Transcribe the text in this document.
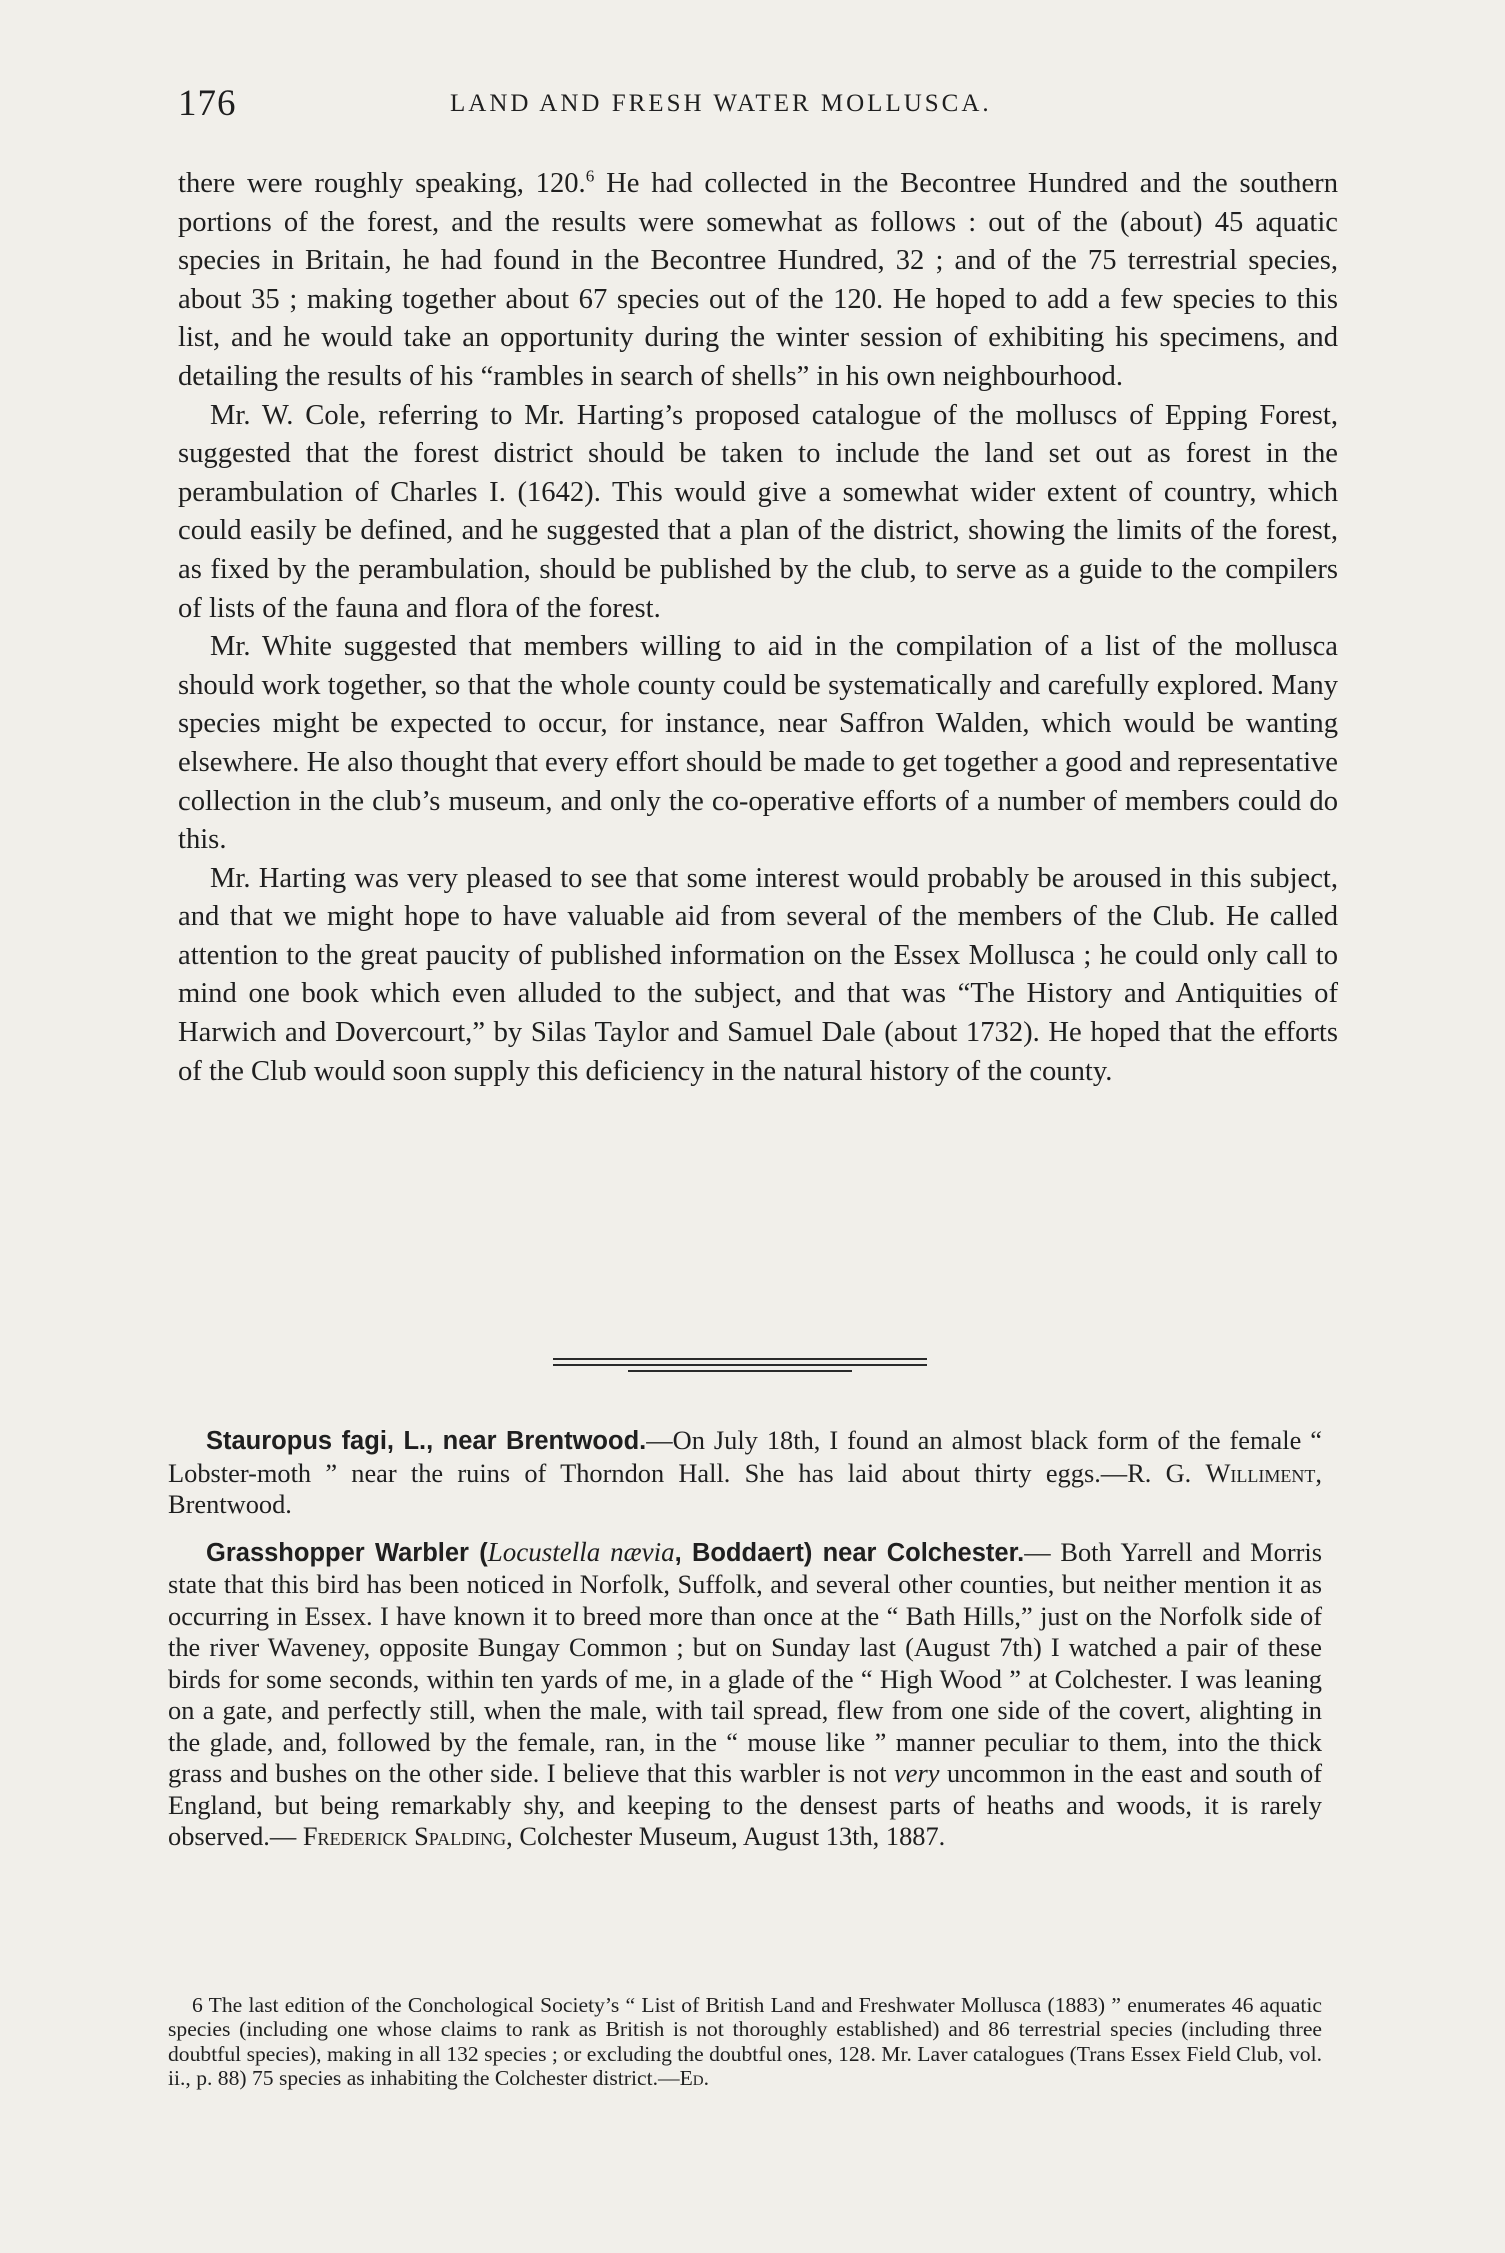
176	LAND AND FRESH WATER MOLLUSCA.

there were roughly speaking, 120.$^6$ He had collected in the Becontree Hundred and the southern portions of the forest, and the results were somewhat as follows : out of the (about) 45 aquatic species in Britain, he had found in the Becontree Hundred, 32 ; and of the 75 terrestrial species, about 35 ; making together about 67 species out of the 120. He hoped to add a few species to this list, and he would take an opportunity during the winter session of exhibiting his specimens, and detailing the results of his “rambles in search of shells” in his own neighbourhood.

Mr. W. Cole, referring to Mr. Harting’s proposed catalogue of the molluscs of Epping Forest, suggested that the forest district should be taken to include the land set out as forest in the perambulation of Charles I. (1642). This would give a somewhat wider extent of country, which could easily be defined, and he suggested that a plan of the district, showing the limits of the forest, as fixed by the perambulation, should be published by the club, to serve as a guide to the compilers of lists of the fauna and flora of the forest.

Mr. White suggested that members willing to aid in the compilation of a list of the mollusca should work together, so that the whole county could be systematically and carefully explored. Many species might be expected to occur, for instance, near Saffron Walden, which would be wanting elsewhere. He also thought that every effort should be made to get together a good and representative collection in the club’s museum, and only the co-operative efforts of a number of members could do this.

Mr. Harting was very pleased to see that some interest would probably be aroused in this subject, and that we might hope to have valuable aid from several of the members of the Club. He called attention to the great paucity of published information on the Essex Mollusca ; he could only call to mind one book which even alluded to the subject, and that was “The History and Antiquities of Harwich and Dovercourt,” by Silas Taylor and Samuel Dale (about 1732). He hoped that the efforts of the Club would soon supply this deficiency in the natural history of the county.

Stauropus fagi, L., near Brentwood.—On July 18th, I found an almost black form of the female “ Lobster-moth ” near the ruins of Thorndon Hall. She has laid about thirty eggs.—R. G. Williment, Brentwood.

Grasshopper Warbler (Locustella nævia, Boddaert) near Colchester.— Both Yarrell and Morris state that this bird has been noticed in Norfolk, Suffolk, and several other counties, but neither mention it as occurring in Essex. I have known it to breed more than once at the “ Bath Hills,” just on the Norfolk side of the river Waveney, opposite Bungay Common ; but on Sunday last (August 7th) I watched a pair of these birds for some seconds, within ten yards of me, in a glade of the “ High Wood ” at Colchester. I was leaning on a gate, and perfectly still, when the male, with tail spread, flew from one side of the covert, alighting in the glade, and, followed by the female, ran, in the “ mouse like ” manner peculiar to them, into the thick grass and bushes on the other side. I believe that this warbler is not very uncommon in the east and south of England, but being remarkably shy, and keeping to the densest parts of heaths and woods, it is rarely observed.— Frederick Spalding, Colchester Museum, August 13th, 1887.

6 The last edition of the Conchological Society’s “ List of British Land and Freshwater Mollusca (1883) ” enumerates 46 aquatic species (including one whose claims to rank as British is not thoroughly established) and 86 terrestrial species (including three doubtful species), making in all 132 species ; or excluding the doubtful ones, 128. Mr. Laver catalogues (Trans Essex Field Club, vol. ii., p. 88) 75 species as inhabiting the Colchester district.—Ed.
